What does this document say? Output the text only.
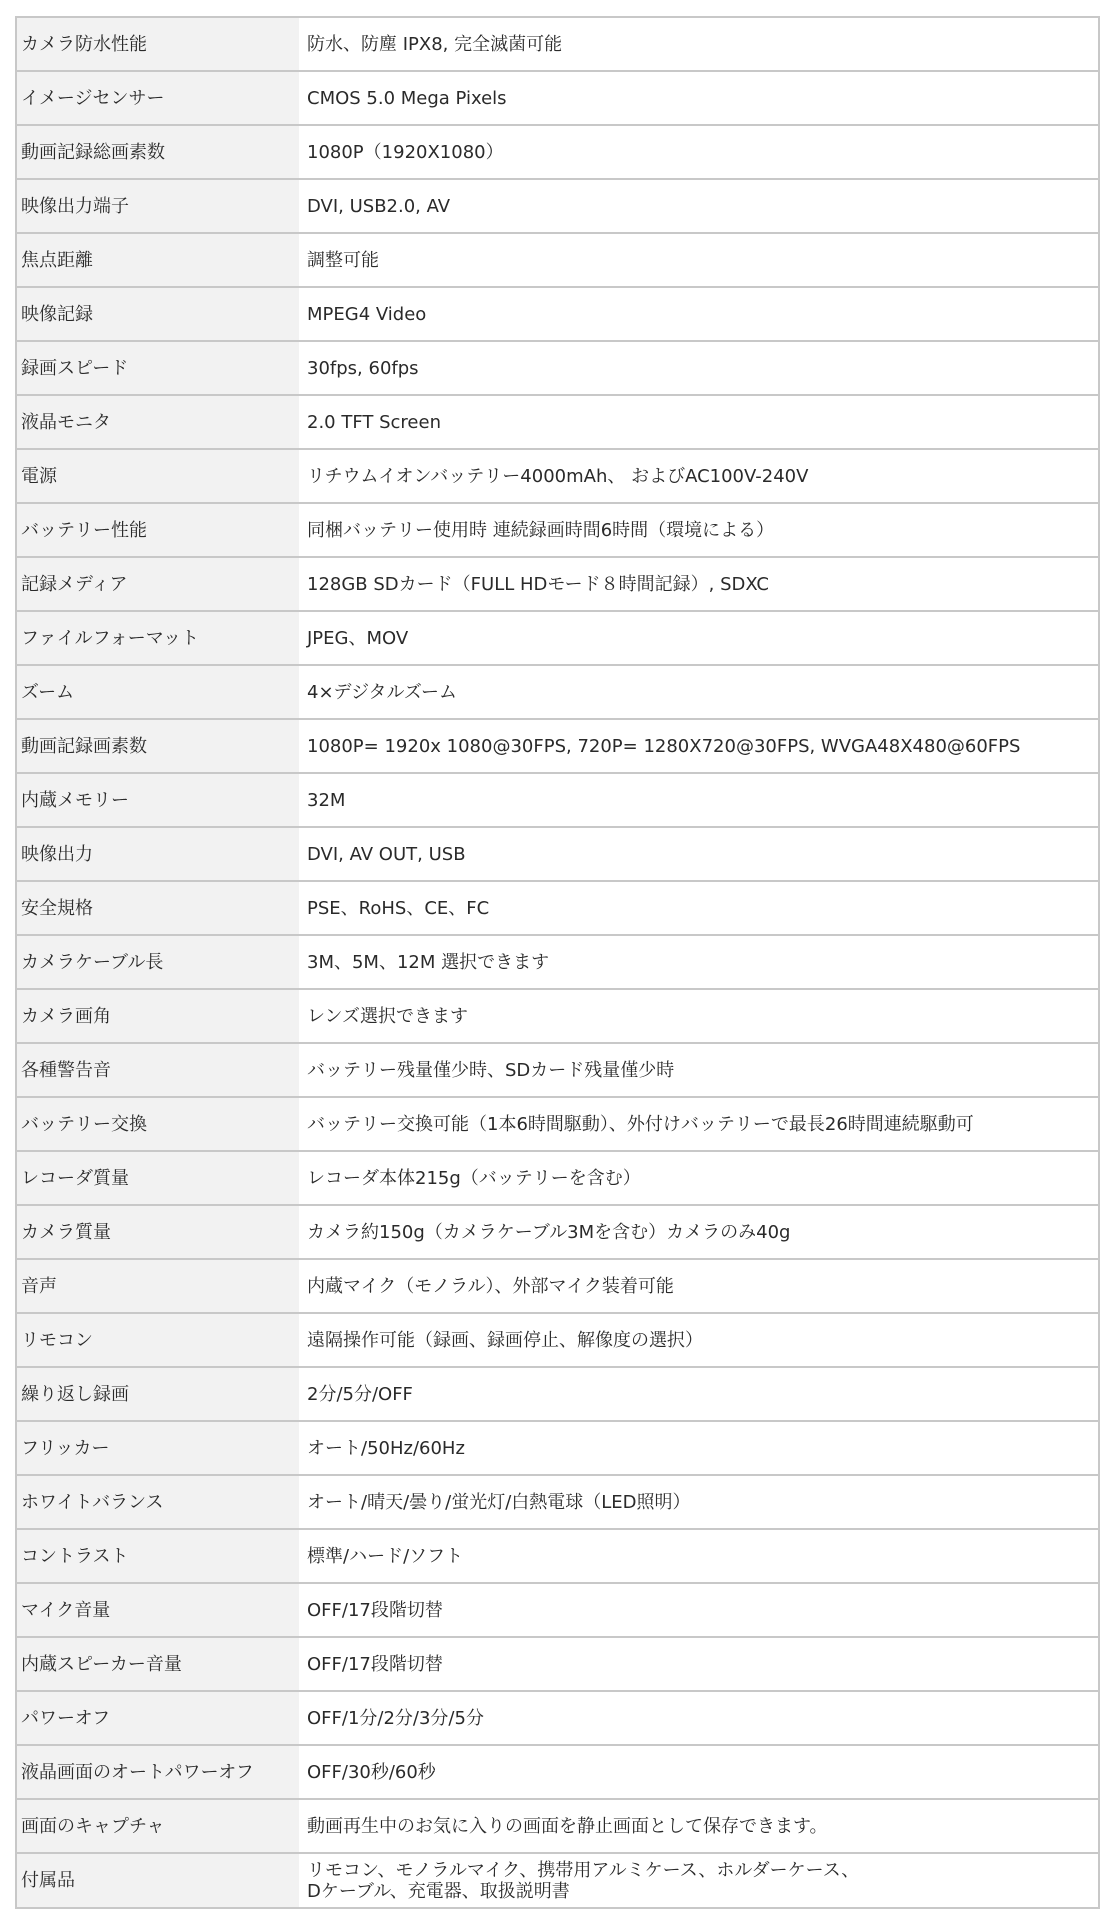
カメラ防水性能	防水、防塵 IPX8, 完全滅菌可能
イメージセンサー	CMOS 5.0 Mega Pixels
動画記録総画素数	1080P（1920X1080）
映像出力端子	DVI, USB2.0, AV
焦点距離	調整可能
映像記録	MPEG4 Video
録画スピード	30fps, 60fps
液晶モニタ	2.0 TFT Screen
電源	リチウムイオンバッテリー4000mAh、 およびAC100V-240V
バッテリー性能	同梱バッテリー使用時 連続録画時間6時間（環境による）
記録メディア	128GB SDカード（FULL HDモード８時間記録）, SDXC
ファイルフォーマット	JPEG、MOV
ズーム	4×デジタルズーム
動画記録画素数	1080P= 1920x 1080@30FPS, 720P= 1280X720@30FPS, WVGA48X480@60FPS
内蔵メモリー	32M
映像出力	DVI, AV OUT, USB
安全規格	PSE、RoHS、CE、FC
カメラケーブル長	3M、5M、12M 選択できます
カメラ画角	レンズ選択できます
各種警告音	バッテリー残量僅少時、SDカード残量僅少時
バッテリー交換	バッテリー交換可能（1本6時間駆動）、外付けバッテリーで最長26時間連続駆動可
レコーダ質量	レコーダ本体215g（バッテリーを含む）
カメラ質量	カメラ約150g（カメラケーブル3Mを含む）カメラのみ40g
音声	内蔵マイク（モノラル）、外部マイク装着可能
リモコン	遠隔操作可能（録画、録画停止、解像度の選択）
繰り返し録画	2分/5分/OFF
フリッカー	オート/50Hz/60Hz
ホワイトバランス	オート/晴天/曇り/蛍光灯/白熱電球（LED照明）
コントラスト	標準/ハード/ソフト
マイク音量	OFF/17段階切替
内蔵スピーカー音量	OFF/17段階切替
パワーオフ	OFF/1分/2分/3分/5分
液晶画面のオートパワーオフ	OFF/30秒/60秒
画面のキャプチャ	動画再生中のお気に入りの画面を静止画面として保存できます。
付属品	リモコン、モノラルマイク、携帯用アルミケース、ホルダーケース、
Dケーブル、充電器、取扱説明書
